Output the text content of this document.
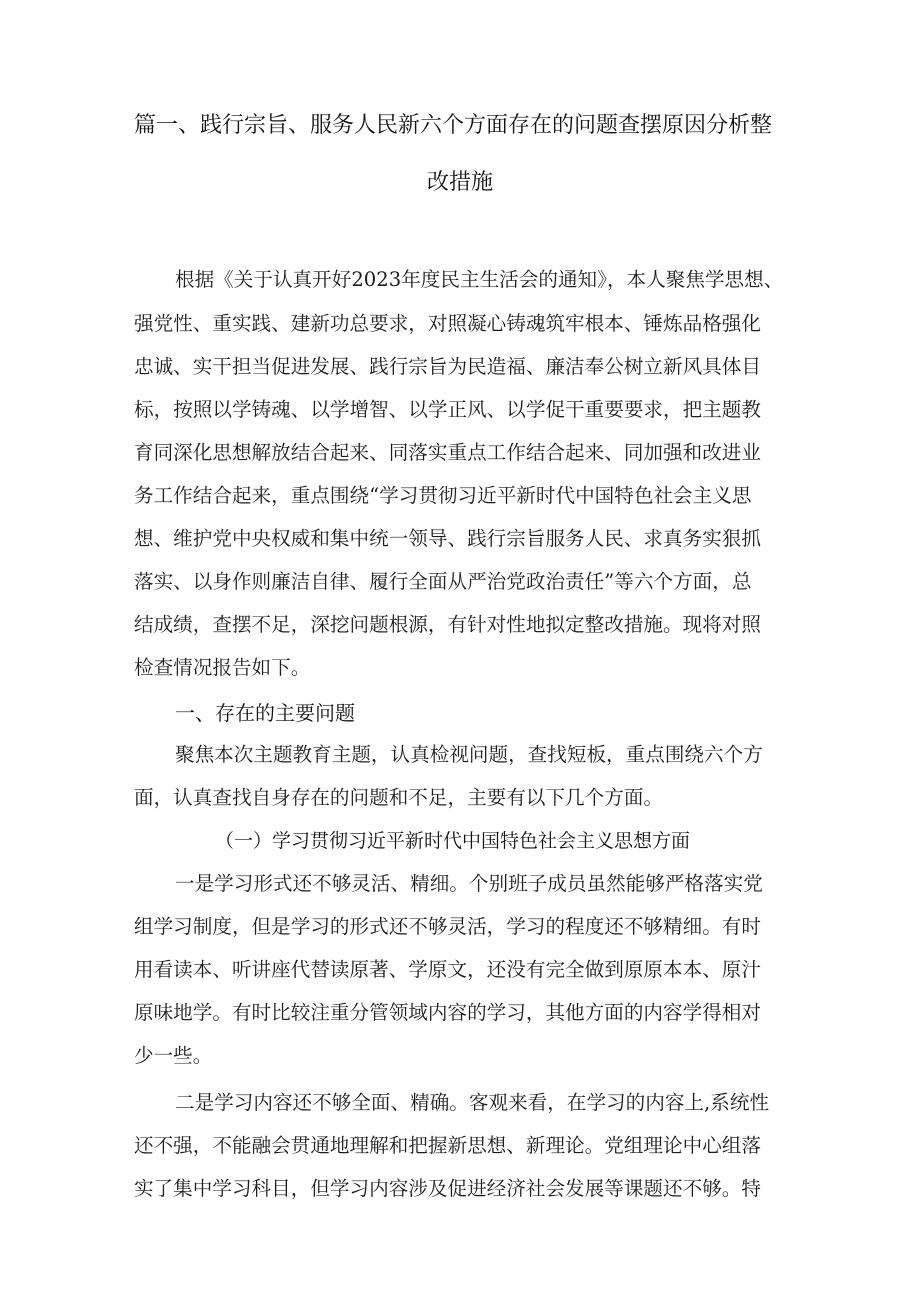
篇一、践行宗旨、服务人民新六个方面存在的问题查摆原因分析整
改措施
根据《关于认真开好2023年度民主生活会的通知》，本人聚焦学思想、
强党性、重实践、建新功总要求，对照凝心铸魂筑牢根本、锤炼品格强化
忠诚、实干担当促进发展、践行宗旨为民造福、廉洁奉公树立新风具体目
标，按照以学铸魂、以学增智、以学正风、以学促干重要要求，把主题教
育同深化思想解放结合起来、同落实重点工作结合起来、同加强和改进业
务工作结合起来，重点围绕“学习贯彻习近平新时代中国特色社会主义思
想、维护党中央权威和集中统一领导、践行宗旨服务人民、求真务实狠抓
落实、以身作则廉洁自律、履行全面从严治党政治责任”等六个方面，总
结成绩，查摆不足，深挖问题根源，有针对性地拟定整改措施。现将对照
检查情况报告如下。
一、存在的主要问题
聚焦本次主题教育主题，认真检视问题，查找短板，重点围绕六个方
面，认真查找自身存在的问题和不足，主要有以下几个方面。
（一）学习贯彻习近平新时代中国特色社会主义思想方面
一是学习形式还不够灵活、精细。个别班子成员虽然能够严格落实党
组学习制度，但是学习的形式还不够灵活，学习的程度还不够精细。有时
用看读本、听讲座代替读原著、学原文，还没有完全做到原原本本、原汁
原味地学。有时比较注重分管领域内容的学习，其他方面的内容学得相对
少一些。
二是学习内容还不够全面、精确。客观来看，在学习的内容上,系统性
还不强，不能融会贯通地理解和把握新思想、新理论。党组理论中心组落
实了集中学习科目，但学习内容涉及促进经济社会发展等课题还不够。特
